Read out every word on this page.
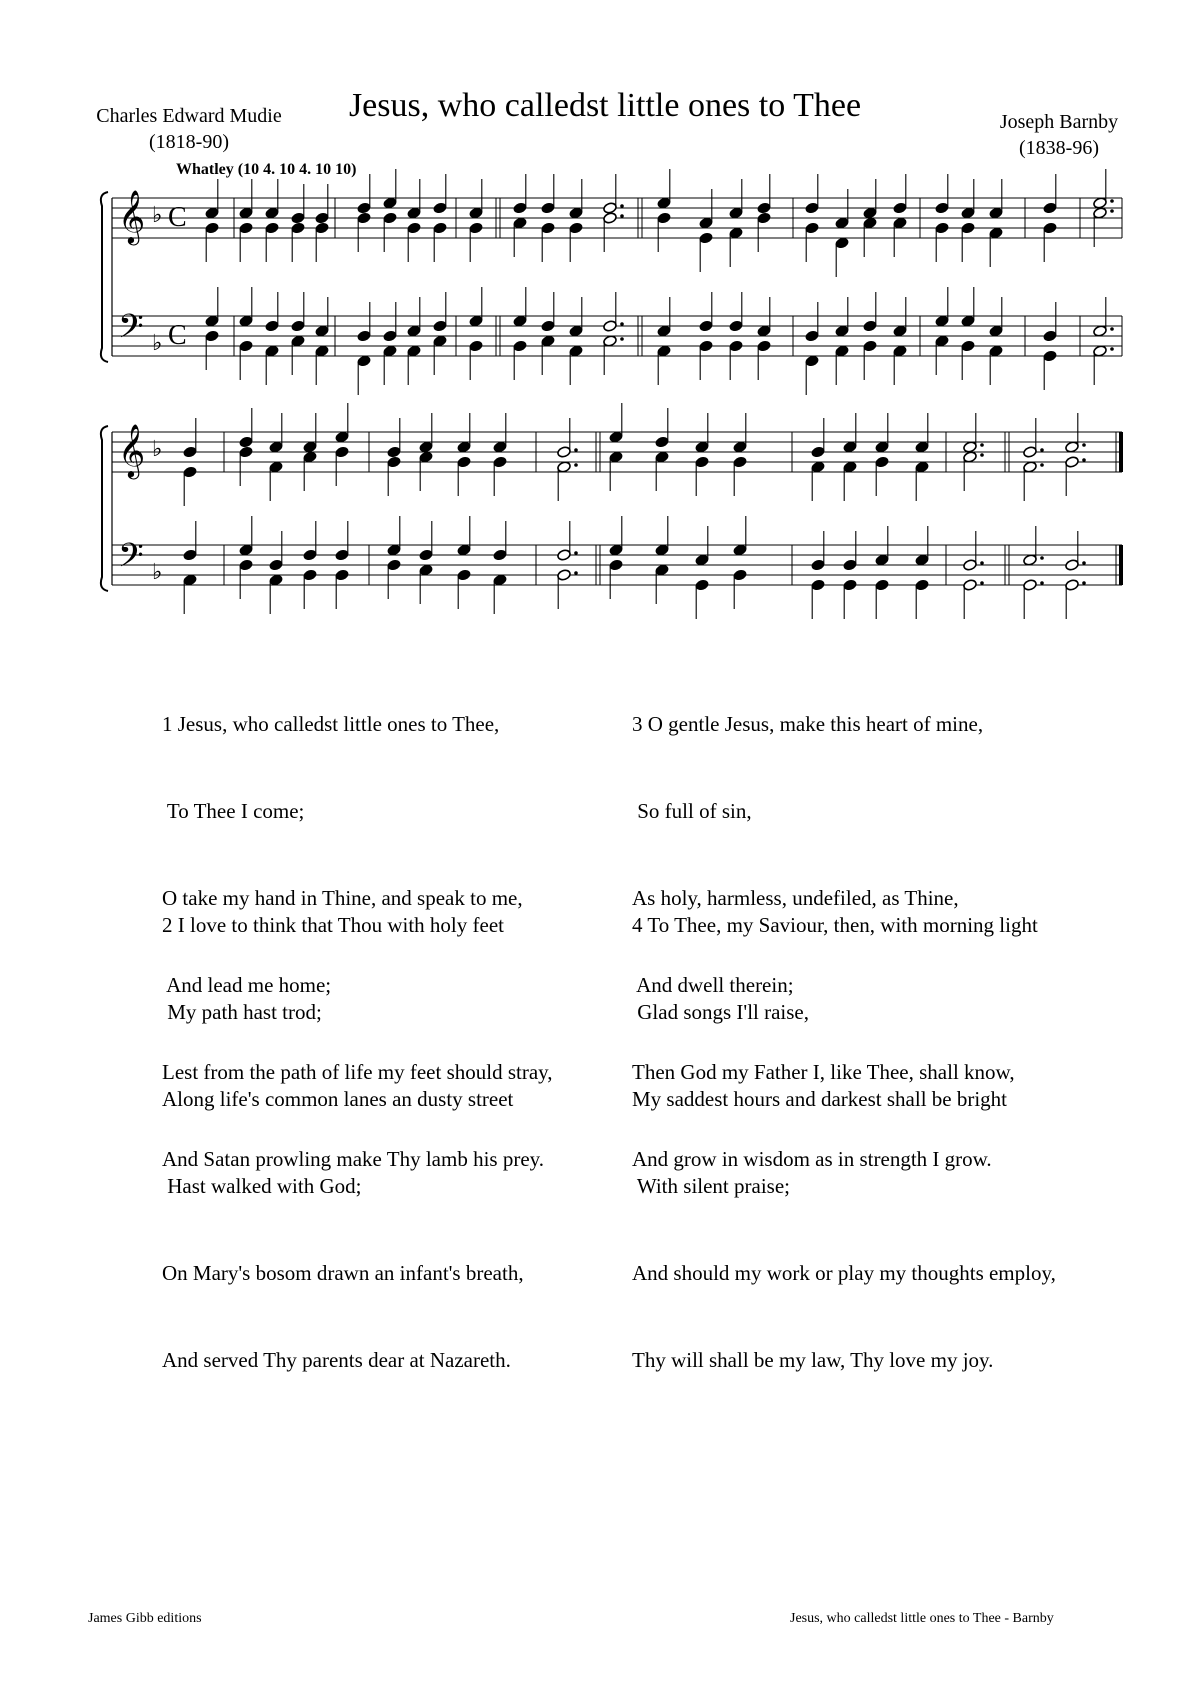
Charles Edward Mudie
(1818-90)
Jesus, who calledst little ones to Thee	Joseph Barnby
(1838-96)
Whatley (10 4. 10 4. 10 10)
𝄞
𝄢
♭
♭
C
C
𝄞
𝄢
♭
♭

1 Jesus, who calledst little ones to Thee,

To Thee I come;

O take my hand in Thine, and speak to me,

And lead me home;

Lest from the path of life my feet should stray,

And Satan prowling make Thy lamb his prey.

2 I love to think that Thou with holy feet

My path hast trod;

Along life's common lanes an dusty street

Hast walked with God;

On Mary's bosom drawn an infant's breath,

And served Thy parents dear at Nazareth.

3 O gentle Jesus, make this heart of mine,

So full of sin,

As holy, harmless, undefiled, as Thine,

And dwell therein;

Then God my Father I, like Thee, shall know,

And grow in wisdom as in strength I grow.

4 To Thee, my Saviour, then, with morning light

Glad songs I'll raise,

My saddest hours and darkest shall be bright

With silent praise;

And should my work or play my thoughts employ,

Thy will shall be my law, Thy love my joy.

James Gibb editions	Jesus, who calledst little ones to Thee - Barnby
